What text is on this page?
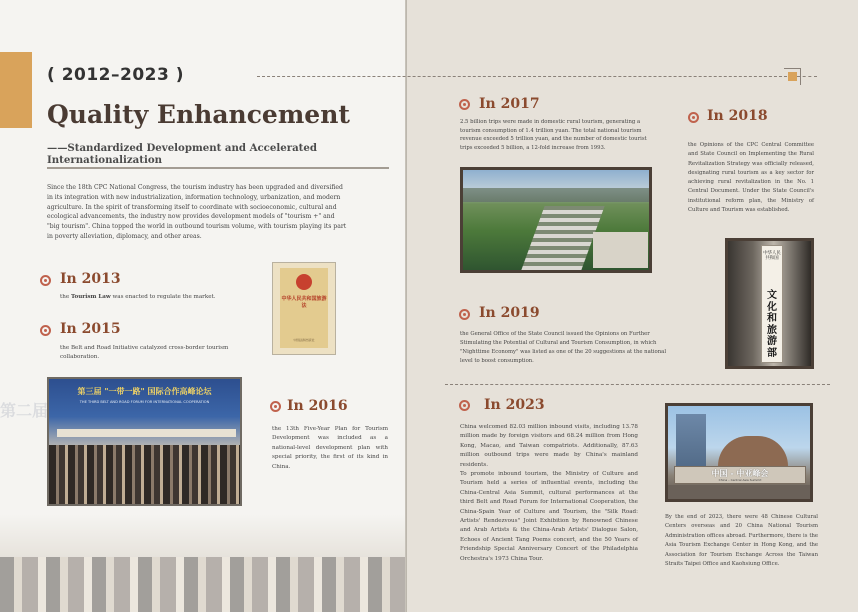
( 2012–2023 )
Quality Enhancement
——Standardized Development and Accelerated Internationalization
Since the 18th CPC National Congress, the tourism industry has been upgraded and diversified in its integration with new industrialization, information technology, urbanization, and modern agriculture. In the spirit of transforming itself to coordinate with socioeconomic, cultural and ecological advancements, the industry now provides development models of "tourism +" and "big tourism". China topped the world in outbound tourism volume, with tourism playing its part in poverty alleviation, diplomacy, and other areas.
In 2013
the Tourism Law was enacted to regulate the market.	中华人民共和国旅游法
中国法制出版社
In 2015
the Belt and Road Initiative catalyzed cross-border tourism collaboration.
第三届 "一带一路" 国际合作高峰论坛
THE THIRD BELT AND ROAD FORUM FOR INTERNATIONAL COOPERATION
第二届	In 2016
the 13th Five-Year Plan for Tourism Development was included as a national-level development plan with special priority, the first of its kind in China.
In 2017
2.5 billion trips were made in domestic rural tourism, generating a tourism consumption of 1.4 trillion yuan. The total national tourism revenue exceeded 5 trillion yuan, and the number of domestic tourist trips exceeded 5 billion, a 12-fold increase from 1993.
In 2018
the Opinions of the CPC Central Committee and State Council on Implementing the Rural Revitalization Strategy was officially released, designating rural tourism as a key sector for achieving rural revitalization in the No. 1 Central Document. Under the State Council's institutional reform plan, the Ministry of Culture and Tourism was established.
中华人民共和国
文化和旅游部
In 2019
the General Office of the State Council issued the Opinions on Further Stimulating the Potential of Cultural and Tourism Consumption, in which "Nighttime Economy" was listed as one of the 20 suggestions at the national level to boost consumption.
In 2023
China welcomed 82.03 million inbound visits, including 13.78 million made by foreign visitors and 68.24 million from Hong Kong, Macao, and Taiwan compatriots. Additionally, 87.63 million outbound trips were made by China's mainland residents.
To promote inbound tourism, the Ministry of Culture and Tourism held a series of influential events, including the China-Central Asia Summit, cultural performances at the third Belt and Road Forum for International Cooperation, the China-Spain Year of Culture and Tourism, the "Silk Road: Artists' Rendezvous" Joint Exhibition by Renowned Chinese and Arab Artists & the China-Arab Artists' Dialogue Salon, Echoes of Ancient Tang Poems concert, and the 50 Years of Friendship Special Anniversary Concert of the Philadelphia Orchestra's 1973 China Tour.
中国 - 中亚峰会
China – Central Asia Summit
By the end of 2023, there were 48 Chinese Cultural Centers overseas and 20 China National Tourism Administration offices abroad. Furthermore, there is the Asia Tourism Exchange Center in Hong Kong, and the Association for Tourism Exchange Across the Taiwan Straits Taipei Office and Kaohsiung Office.
